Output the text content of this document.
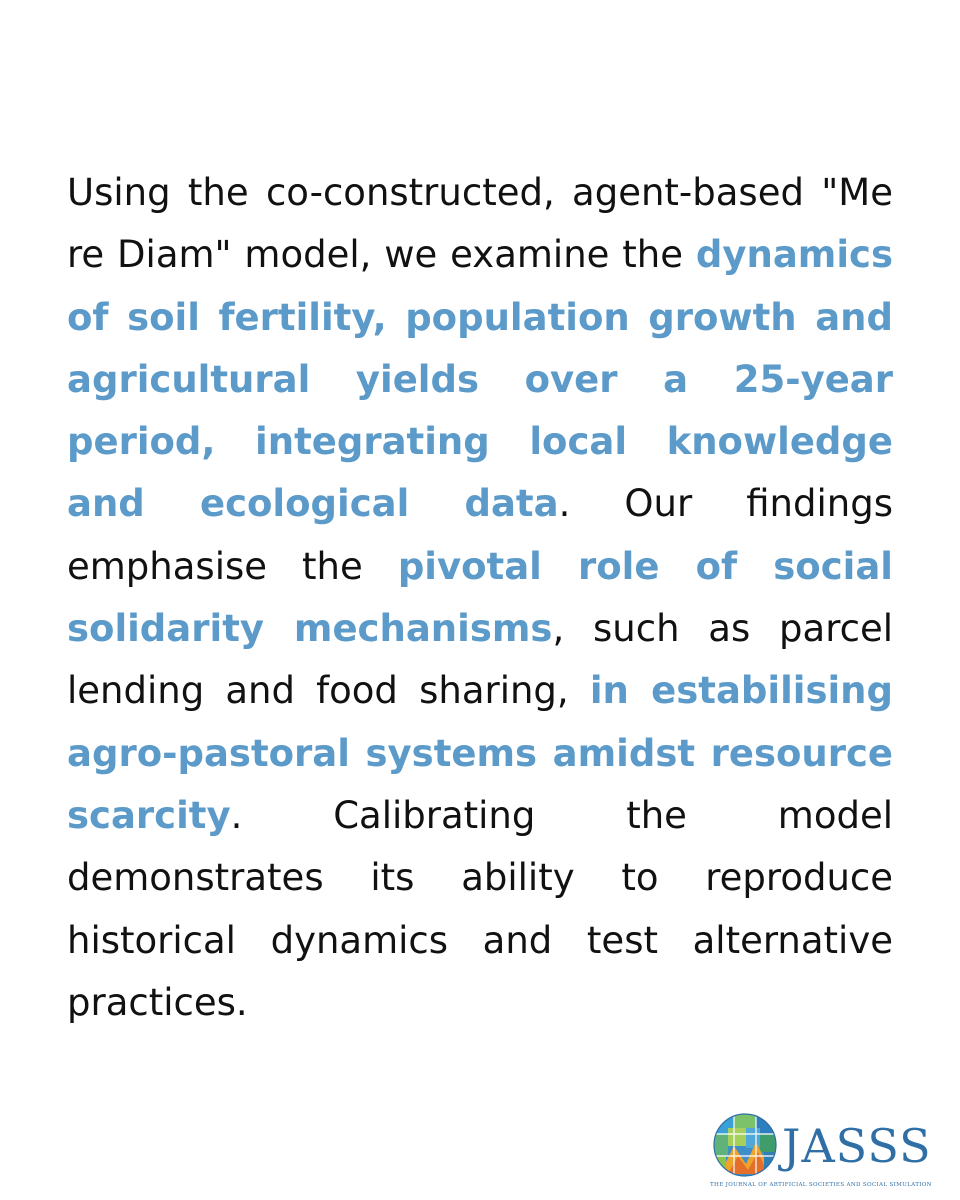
Using the co-constructed, agent-based "Me re Diam" model, we examine the dynamics of soil fertility, population growth and agricultural yields over a 25-year period, integrating local knowledge and ecological data. Our findings emphasise the pivotal role of social solidarity mechanisms, such as parcel lending and food sharing, in estabilising agro-pastoral systems amidst resource scarcity. Calibrating the model demonstrates its ability to reproduce historical dynamics and test alternative practices.

JASSS
THE JOURNAL OF ARTIFICIAL SOCIETIES AND SOCIAL SIMULATION
